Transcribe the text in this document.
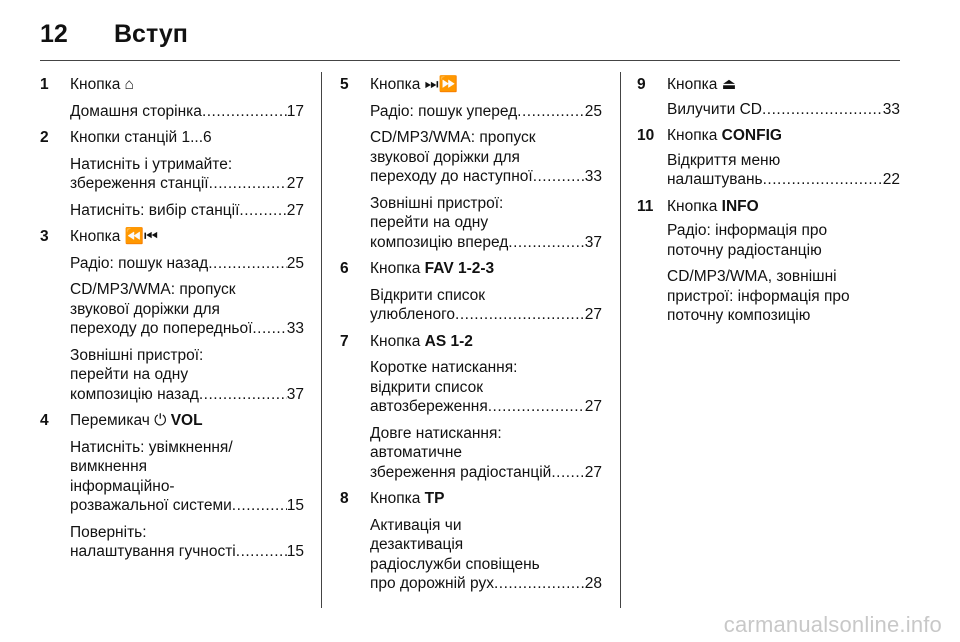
12	Вступ
1	Кнопка ⌂
Домашня сторінка .....	17
2	Кнопки станцій 1...6
Натисніть і утримайте:
збереження станції .....	27
Натисніть: вибір станції .....	27
3	Кнопка ⏪⏮
Радіо: пошук назад .....	25
CD/MP3/WMA: пропуск
звукової доріжки для
переходу до попередньої ..... 33
Зовнішні пристрої:
перейти на одну
композицію назад .....	37
4	Перемикач ⏻ VOL
Натисніть: увімкнення/
вимкнення
інформаційно-
розважальної системи .....	15
Поверніть:
налаштування гучності .....	15
5	Кнопка ⏭⏩
Радіо: пошук уперед .....	25
CD/MP3/WMA: пропуск
звукової доріжки для
переходу до наступної .....	33
Зовнішні пристрої:
перейти на одну
композицію вперед .....	37
6	Кнопка FAV 1-2-3
Відкрити список
улюбленого .....	27
7	Кнопка AS 1-2
Коротке натискання:
відкрити список
автозбереження .....	27
Довге натискання:
автоматичне
збереження радіостанцій ..... 27
8	Кнопка TP
Активація чи
дезактивація
радіослужби сповіщень
про дорожній рух .....	28
9	Кнопка ⏏
Вилучити CD .....	33
10 Кнопка CONFIG
Відкриття меню
налаштувань .....	22
11 Кнопка INFO
Радіо: інформація про
поточну радіостанцію
CD/MP3/WMA, зовнішні
пристрої: інформація про
поточну композицію
carmanualsonline.info
